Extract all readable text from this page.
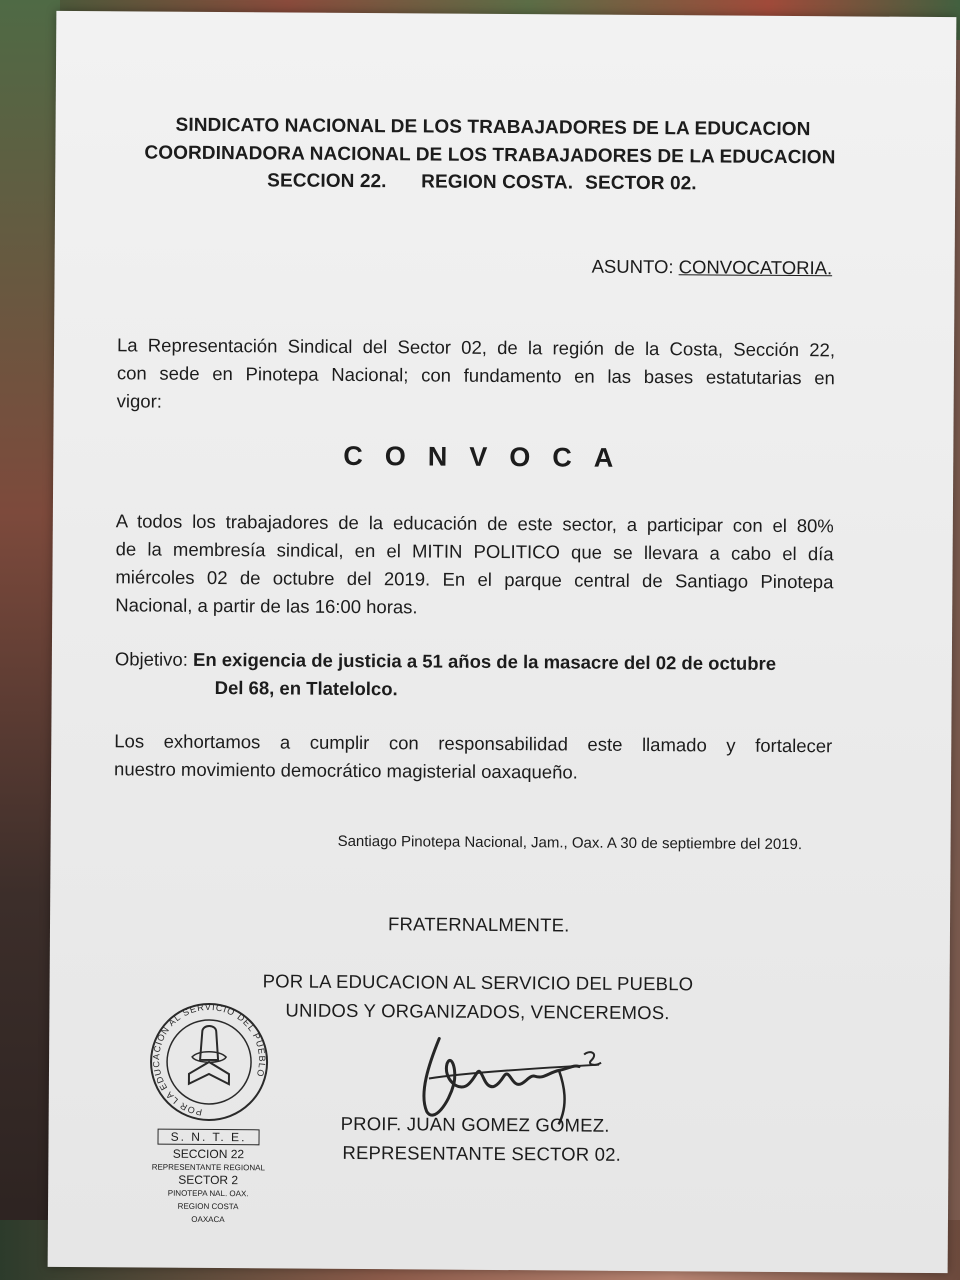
SINDICATO NACIONAL DE LOS TRABAJADORES DE LA EDUCACION
COORDINADORA NACIONAL DE LOS TRABAJADORES DE LA EDUCACION
SECCION 22. REGION COSTA. SECTOR 02.
ASUNTO: CONVOCATORIA.
La Representación Sindical del Sector 02, de la región de la Costa, Sección 22,
con sede en Pinotepa Nacional; con fundamento en las bases estatutarias en
vigor:
CONVOCA
A todos los trabajadores de la educación de este sector, a participar con el 80%
de la membresía sindical, en el MITIN POLITICO que se llevara a cabo el día
miércoles 02 de octubre del 2019. En el parque central de Santiago Pinotepa
Nacional, a partir de las 16:00 horas.
Objetivo: En exigencia de justicia a 51 años de la masacre del 02 de octubre
Del 68, en Tlatelolco.
Los exhortamos a cumplir con responsabilidad este llamado y fortalecer
nuestro movimiento democrático magisterial oaxaqueño.
Santiago Pinotepa Nacional, Jam., Oax. A 30 de septiembre del 2019.
FRATERNALMENTE.
POR LA EDUCACION AL SERVICIO DEL PUEBLO
UNIDOS Y ORGANIZADOS, VENCEREMOS.
PROIF. JUAN GOMEZ GOMEZ.
REPRESENTANTE SECTOR 02.
POR LA EDUCACION AL SERVICIO DEL PUEBLO
S. N. T. E.
SECCION 22
REPRESENTANTE REGIONAL
SECTOR 2
PINOTEPA NAL. OAX.
REGION COSTA
OAXACA
